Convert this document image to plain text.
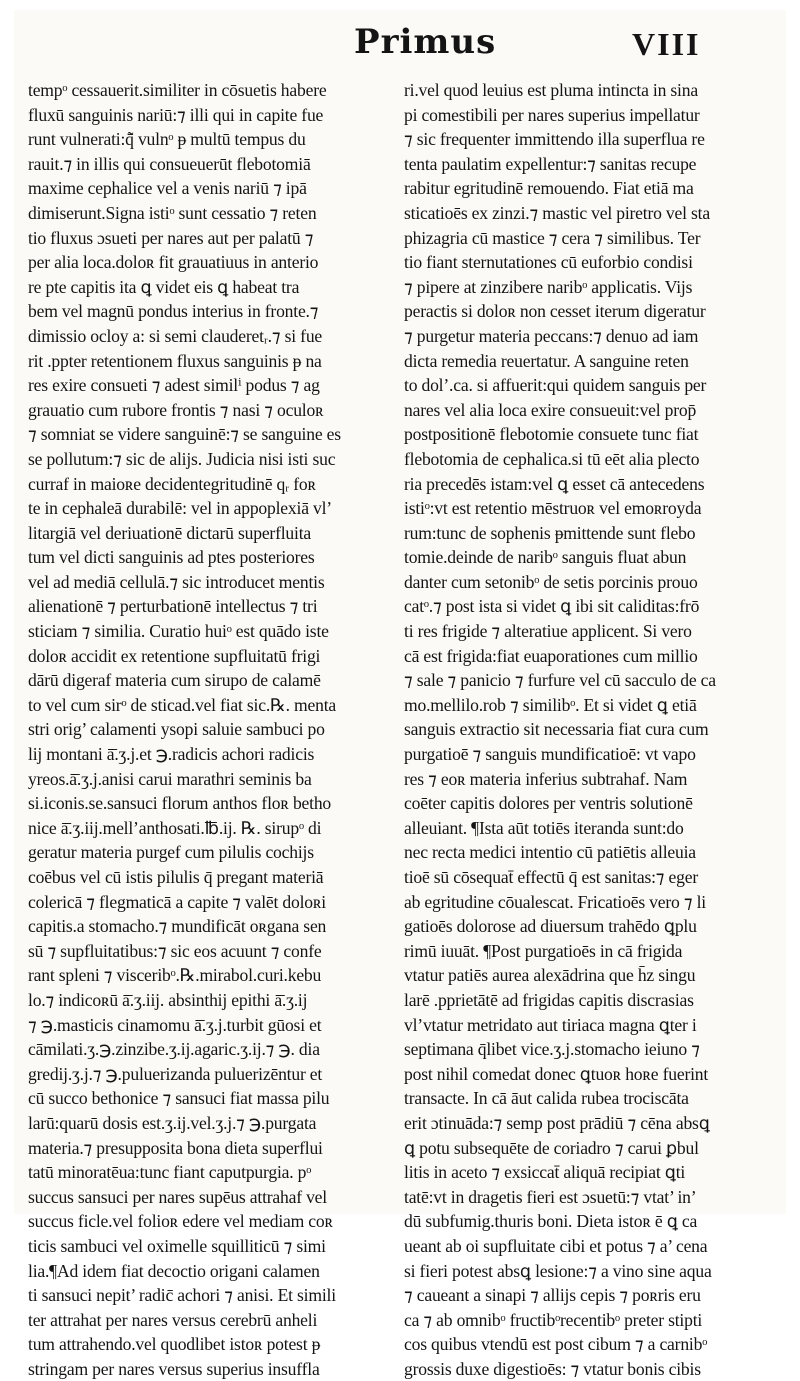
Primus	VIII
tempᵒ cessauerit.similiter in cōsuetis habere
fluxū sanguinis nariū:⁊ illi qui in capite fue
runt vulnerati:q̄̃ vulnᵒ ᵽ multū tempus du
rauit.⁊ in illis qui consueuerūt flebotomiā
maxime cephalice vel a venis nariū ⁊ ipā
dimiserunt.Signa istiᵒ sunt cessatio ⁊ reten
tio fluxus ɔsueti per nares aut per palatū ⁊
per alia loca.doloʀ fit grauatiuus in anterio
re pte capitis ita ꝗ videt eis ꝗ habeat tra
bem vel magnū pondus interius in fronte.⁊
dimissio ocloy a: si semi clauderetᵣ.⁊ si fue
rit .ppter retentionem fluxus sanguinis ᵽ na
res exire consueti ⁊ adest similⁱ podus ⁊ ag
grauatio cum rubore frontis ⁊ nasi ⁊ oculoʀ
⁊ somniat se videre sanguinē:⁊ se sanguine es
se pollutum:⁊ sic de alijs. Judicia nisi isti suc
curraf in maioʀe decidentegritudinē qᵣ foʀ
te in cephaleā durabilē: vel in appoplexiā vl’
litargiā vel deriuationē dictarū superfluita
tum vel dicti sanguinis ad ptes posteriores
vel ad mediā cellulā.⁊ sic introducet mentis
alienationē ⁊ perturbationē intellectus ⁊ tri
sticiam ⁊ similia. Curatio huiᵒ est quādo iste
doloʀ accidit ex retentione supfluitatū frigi
dārū digeraf materia cum sirupo de calamē
to vel cum sirᵒ de sticad.vel fiat sic.℞. menta
stri orig’ calamenti ysopi saluie sambuci po
lij montani ā̄.ʒ.j.et ℈.radicis achori radicis
yreos.ā̄.ʒ.j.anisi carui marathri seminis ba
si.iconis.se.sansuci florum anthos floʀ betho
nice ā̄.ʒ.iij.mell’anthosati.℔.ij. ℞. sirupᵒ di
geratur materia purgef cum pilulis cochijs
coēbus vel cū istis pilulis q̄ pregant materiā
colericā ⁊ flegmaticā a capite ⁊ valēt doloʀi
capitis.a stomacho.⁊ mundificāt oʀgana sen
sū ⁊ supfluitatibus:⁊ sic eos acuunt ⁊ confe
rant spleni ⁊ visceribᵒ.℞.mirabol.curi.kebu
lo.⁊ indicoʀū ā̄.ʒ.iij. absinthij epithi ā̄.ʒ.ij
⁊ ℈.masticis cinamomu ā̄.ʒ.j.turbit gūosi et
cāmilati.ʒ.℈.zinzibe.ʒ.ij.agaric.ʒ.ij.⁊ ℈. dia
gredij.ʒ.j.⁊ ℈.puluerizanda puluerizēntur et
cū succo bethonice ⁊ sansuci fiat massa pilu
larū:quarū dosis est.ʒ.ij.vel.ʒ.j.⁊ ℈.purgata
materia.⁊ presupposita bona dieta superflui
tatū minoratēua:tunc fiant caputpurgia. pᵒ
succus sansuci per nares supēus attrahaf vel
succus ficle.vel folioʀ edere vel mediam coʀ
ticis sambuci vel oximelle squilliticū ⁊ simi
lia.¶Ad idem fiat decoctio origani calamen
ti sansuci nepit’ radic̄ achori ⁊ anisi. Et simili
ter attrahat per nares versus cerebrū anheli
tum attrahendo.vel quodlibet istoʀ potest ᵽ
stringam per nares versus superius insuffla
ri.vel quod leuius est pluma intincta in sina
pi comestibili per nares superius impellatur
⁊ sic frequenter immittendo illa superflua re
tenta paulatim expellentur:⁊ sanitas recupe
rabitur egritudinē remouendo. Fiat etiā ma
sticatioēs ex zinzi.⁊ mastic vel piretro vel sta
phizagria cū mastice ⁊ cera ⁊ similibus. Ter
tio fiant sternutationes cū euforbio condisi
⁊ pipere at zinzibere naribᵒ applicatis. Vijs
peractis si doloʀ non cesset iterum digeratur
⁊ purgetur materia peccans:⁊ denuo ad iam
dicta remedia reuertatur. A sanguine reten
to dol’.ca. si affuerit:qui quidem sanguis per
nares vel alia loca exire consueuit:vel prop̄
postpositionē flebotomie consuete tunc fiat
flebotomia de cephalica.si tū eēt alia plecto
ria precedēs istam:vel ꝗ esset cā antecedens
istiᵒ:vt est retentio mēstruoʀ vel emoʀroyda
rum:tunc de sophenis ᵽmittende sunt flebo
tomie.deinde de naribᵒ sanguis fluat abun
danter cum setonibᵒ de setis porcinis prouo
catᵒ.⁊ post ista si videt ꝗ ibi sit caliditas:frō
ti res frigide ⁊ alteratiue applicent. Si vero
cā est frigida:fiat euaporationes cum millio
⁊ sale ⁊ panicio ⁊ furfure vel cū sacculo de ca
mo.mellilo.rob ⁊ similibᵒ. Et si videt ꝗ etiā
sanguis extractio sit necessaria fiat cura cum
purgatioē ⁊ sanguis mundificatioē: vt vapo
res ⁊ eoʀ materia inferius subtrahaf. Nam
coēter capitis dolores per ventris solutionē
alleuiant. ¶Ista aūt totiēs iteranda sunt:do
nec recta medici intentio cū patiētis alleuia
tioē sū cōsequat̄ effectū q̄ est sanitas:⁊ eger
ab egritudine cōualescat. Fricatioēs vero ⁊ li
gatioēs dolorose ad diuersum trahēdo ꝗplu
rimū iuuāt. ¶Post purgatioēs in cā frigida
vtatur patiēs aurea alexādrina que h̄z singu
larē .pprietātē ad frigidas capitis discrasias
vl’vtatur metridato aut tiriaca magna ꝗter i
septimana q̄libet vice.ʒ.j.stomacho ieiuno ⁊
post nihil comedat donec ꝗtuoʀ hoʀe fuerint
transacte. In cā āut calida rubea trociscāta
erit ɔtinuāda:⁊ semp post prādiū ⁊ cēna absꝗ
ꝗ potu subsequēte de coriadro ⁊ carui ꝑbul
litis in aceto ⁊ exsiccat̄ aliquā recipiat ꝗti
tatē:vt in dragetis fieri est ɔsuetū:⁊ vtat’ in’
dū subfumig.thuris boni. Dieta istoʀ ē ꝗ ca
ueant ab oi supfluitate cibi et potus ⁊ a’ cena
si fieri potest absꝗ lesione:⁊ a vino sine aqua
⁊ caueant a sinapi ⁊ allijs cepis ⁊ poʀris eru
ca ⁊ ab omnibᵒ fructibᵒrecentibᵒ preter stipti
cos quibus vtendū est post cibum ⁊ a carnibᵒ
grossis duxe digestioēs: ⁊ vtatur bonis cibis
